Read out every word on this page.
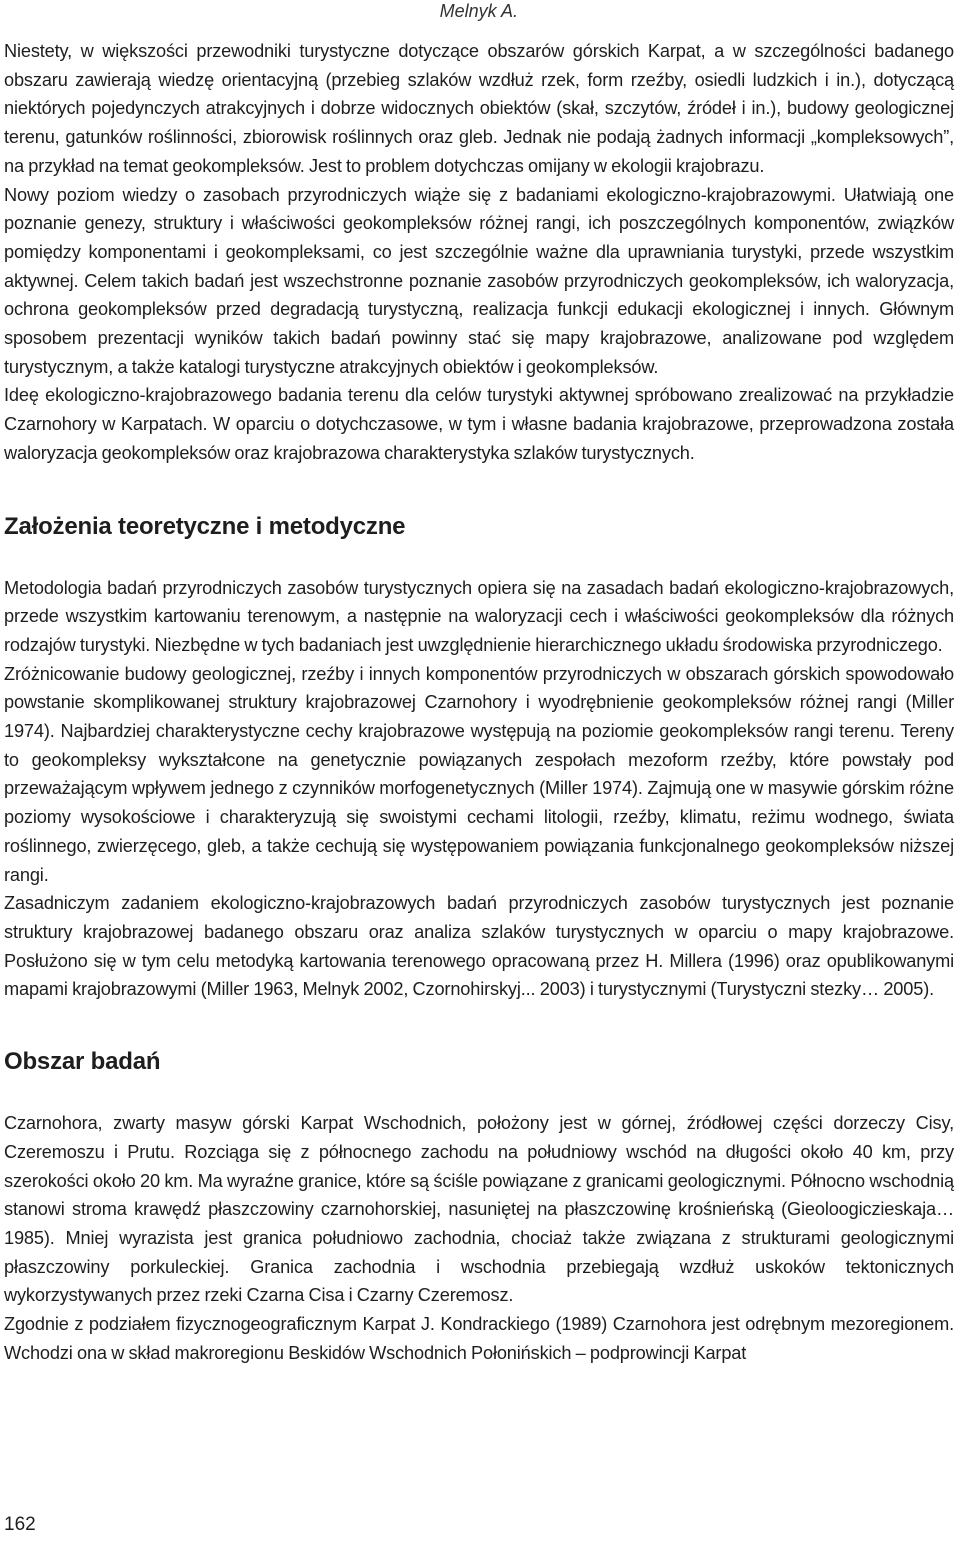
Melnyk A.

Niestety, w większości przewodniki turystyczne dotyczące obszarów górskich Karpat, a w szczególności badanego obszaru zawierają wiedzę orientacyjną (przebieg szlaków wzdłuż rzek, form rzeźby, osiedli ludzkich i in.), dotyczącą niektórych pojedynczych atrakcyjnych i dobrze widocznych obiektów (skał, szczytów, źródeł i in.), budowy geologicznej terenu, gatunków roślinności, zbiorowisk roślinnych oraz gleb. Jednak nie podają żadnych informacji „kompleksowych”, na przykład na temat geokompleksów. Jest to problem dotychczas omijany w ekologii krajobrazu.

Nowy poziom wiedzy o zasobach przyrodniczych wiąże się z badaniami ekologiczno-krajobrazowymi. Ułatwiają one poznanie genezy, struktury i właściwości geokompleksów różnej rangi, ich poszczególnych komponentów, związków pomiędzy komponentami i geokompleksami, co jest szczególnie ważne dla uprawniania turystyki, przede wszystkim aktywnej. Celem takich badań jest wszechstronne poznanie zasobów przyrodniczych geokompleksów, ich waloryzacja, ochrona geokompleksów przed degradacją turystyczną, realizacja funkcji edukacji ekologicznej i innych. Głównym sposobem prezentacji wyników takich badań powinny stać się mapy krajobrazowe, analizowane pod względem turystycznym, a także katalogi turystyczne atrakcyjnych obiektów i geokompleksów.

Ideę ekologiczno-krajobrazowego badania terenu dla celów turystyki aktywnej spróbowano zrealizować na przykładzie Czarnohory w Karpatach. W oparciu o dotychczasowe, w tym i własne badania krajobrazowe, przeprowadzona została waloryzacja geokompleksów oraz krajobrazowa charakterystyka szlaków turystycznych.

Założenia teoretyczne i metodyczne

Metodologia badań przyrodniczych zasobów turystycznych opiera się na zasadach badań ekologiczno-krajobrazowych, przede wszystkim kartowaniu terenowym, a następnie na waloryzacji cech i właściwości geokompleksów dla różnych rodzajów turystyki. Niezbędne w tych badaniach jest uwzględnienie hierarchicznego układu środowiska przyrodniczego.

Zróżnicowanie budowy geologicznej, rzeźby i innych komponentów przyrodniczych w obszarach górskich spowodowało powstanie skomplikowanej struktury krajobrazowej Czarnohory i wyodrębnienie geokompleksów różnej rangi (Miller 1974). Najbardziej charakterystyczne cechy krajobrazowe występują na poziomie geokompleksów rangi terenu. Tereny to geokompleksy wykształcone na genetycznie powiązanych zespołach mezoform rzeźby, które powstały pod przeważającym wpływem jednego z czynników morfogenetycznych (Miller 1974). Zajmują one w masywie górskim różne poziomy wysokościowe i charakteryzują się swoistymi cechami litologii, rzeźby, klimatu, reżimu wodnego, świata roślinnego, zwierzęcego, gleb, a także cechują się występowaniem powiązania funkcjonalnego geokompleksów niższej rangi.

Zasadniczym zadaniem ekologiczno-krajobrazowych badań przyrodniczych zasobów turystycznych jest poznanie struktury krajobrazowej badanego obszaru oraz analiza szlaków turystycznych w oparciu o mapy krajobrazowe. Posłużono się w tym celu metodyką kartowania terenowego opracowaną przez H. Millera (1996) oraz opublikowanymi mapami krajobrazowymi (Miller 1963, Melnyk 2002, Czornohirskyj... 2003) i turystycznymi (Turystyczni stezky… 2005).

Obszar badań

Czarnohora, zwarty masyw górski Karpat Wschodnich, położony jest w górnej, źródłowej części dorzeczy Cisy, Czeremoszu i Prutu. Rozciąga się z północnego zachodu na południowy wschód na długości około 40 km, przy szerokości około 20 km. Ma wyraźne granice, które są ściśle powiązane z granicami geologicznymi. Północno wschodnią stanowi stroma krawędź płaszczowiny czarnohorskiej, nasuniętej na płaszczowinę krośnieńską (Gieoloogiczieskaja… 1985). Mniej wyrazista jest granica południowo zachodnia, chociaż także związana z strukturami geologicznymi płaszczowiny porkuleckiej. Granica zachodnia i wschodnia przebiegają wzdłuż uskoków tektonicznych wykorzystywanych przez rzeki Czarna Cisa i Czarny Czeremosz.

Zgodnie z podziałem fizycznogeograficznym Karpat J. Kondrackiego (1989) Czarnohora jest odrębnym mezoregionem. Wchodzi ona w skład makroregionu Beskidów Wschodnich Połonińskich – podprowincji Karpat

162
